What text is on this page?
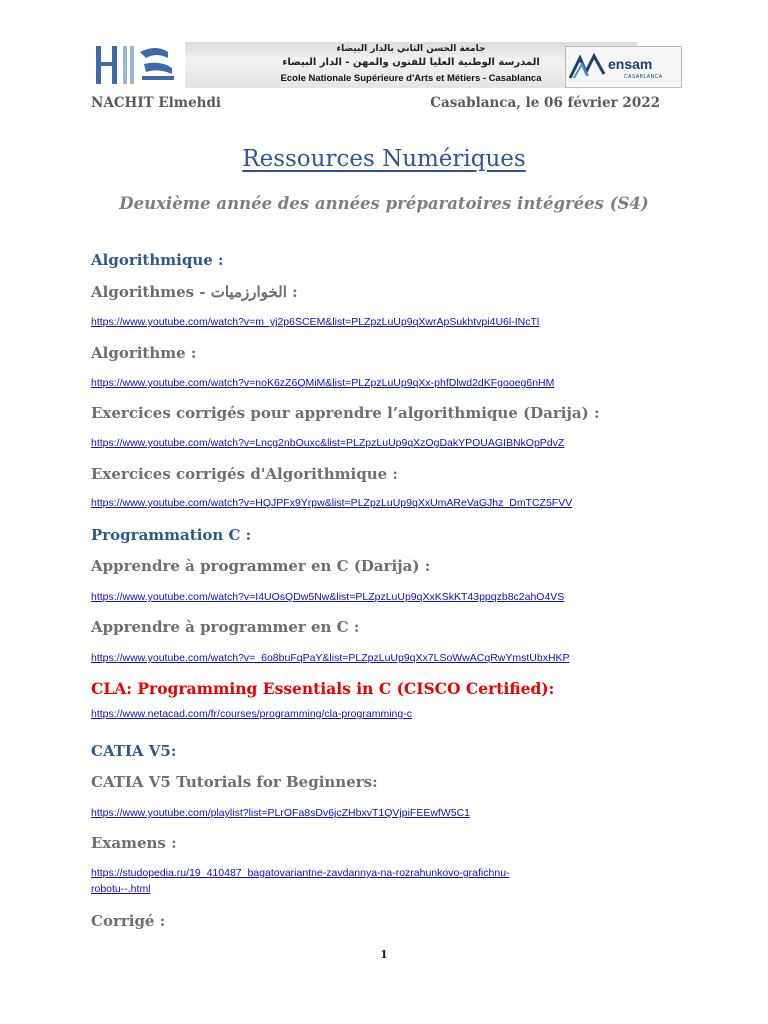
جامعة الحسن الثاني بالدار البيضاء
المدرسة الوطنية العليا للفنون والمهن - الدار البيضاء
Ecole Nationale Supérieure d'Arts et Métiers - Casablanca
ensam
CASABLANCA
NACHIT Elmehdi	Casablanca, le 06 février 2022
Ressources Numériques
Deuxième année des années préparatoires intégrées (S4)
Algorithmique :
Algorithmes - الخوارزميات :
https://www.youtube.com/watch?v=m_yj2p6SCEM&list=PLZpzLuUp9qXwrApSukhtvpi4U6l-INcTl
Algorithme :
https://www.youtube.com/watch?v=noK6zZ6QMiM&list=PLZpzLuUp9qXx-phfDlwd2dKFgooeg6nHM
Exercices corrigés pour apprendre l’algorithmique (Darija) :
https://www.youtube.com/watch?v=Lncg2nbOuxc&list=PLZpzLuUp9qXzOgDakYPOUAGIBNkOpPdvZ
Exercices corrigés d'Algorithmique :
https://www.youtube.com/watch?v=HQJPFx9Yrpw&list=PLZpzLuUp9qXxUmAReVaGJhz_DmTCZ5FVV
Programmation C :
Apprendre à programmer en C (Darija) :
https://www.youtube.com/watch?v=I4UOsQDw5Nw&list=PLZpzLuUp9qXxKSkKT43ppqzb8c2ahO4VS
Apprendre à programmer en C :
https://www.youtube.com/watch?v=_6o8buFqPaY&list=PLZpzLuUp9qXx7LSoWwACqRwYmstUbxHKP
CLA: Programming Essentials in C (CISCO Certified):
https://www.netacad.com/fr/courses/programming/cla-programming-c
CATIA V5:
CATIA V5 Tutorials for Beginners:
https://www.youtube.com/playlist?list=PLrOFa8sDv6jcZHbxvT1QVjpiFEEwfW5C1
Examens :
https://studopedia.ru/19_410487_bagatovariantne-zavdannya-na-rozrahunkovo-grafichnu-
robotu--.html
Corrigé :
1
